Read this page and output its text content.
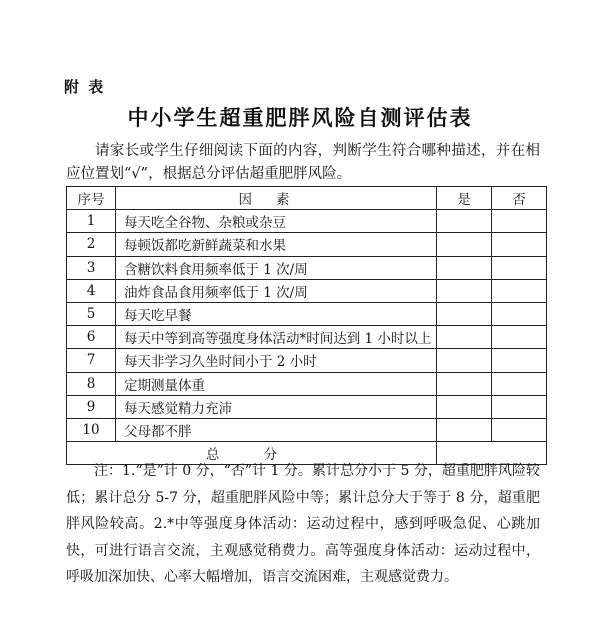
附 表
中小学生超重肥胖风险自测评估表
请家长或学生仔细阅读下面的内容，判断学生符合哪种描述，并在相应位置划“√”，根据总分评估超重肥胖风险。
序号	因素	是	否
1	每天吃全谷物、杂粮或杂豆		
2	每顿饭都吃新鲜蔬菜和水果		
3	含糖饮料食用频率低于 1 次/周		
4	油炸食品食用频率低于 1 次/周		
5	每天吃早餐		
6	每天中等到高等强度身体活动*时间达到 1 小时以上		
7	每天非学习久坐时间小于 2 小时		
8	定期测量体重		
9	每天感觉精力充沛		
10	父母都不胖		
总 分			
注：1.“是”计 0 分，“否”计 1 分。累计总分小于 5 分，超重肥胖风险较低；累计总分 5-7 分，超重肥胖风险中等；累计总分大于等于 8 分，超重肥胖风险较高。2.*中等强度身体活动：运动过程中，感到呼吸急促、心跳加快，可进行语言交流，主观感觉稍费力。高等强度身体活动：运动过程中，呼吸加深加快、心率大幅增加，语言交流困难，主观感觉费力。
